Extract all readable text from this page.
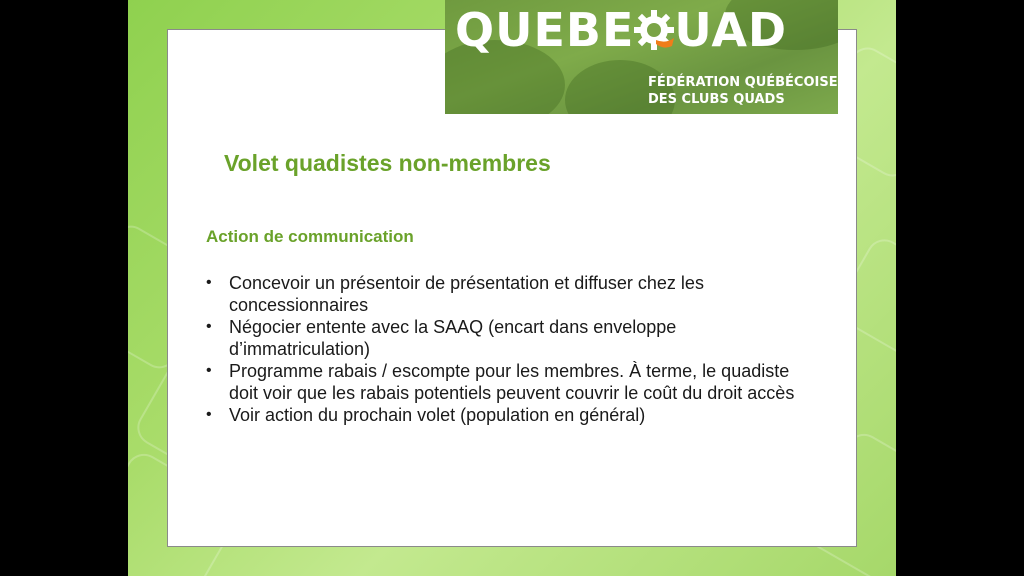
QUEBE UAD
FÉDÉRATION QUÉBÉCOISE
DES CLUBS QUADS
Volet quadistes non-membres
Action de communication
• Concevoir un présentoir de présentation et diffuser chez les concessionnaires
• Négocier entente avec la SAAQ (encart dans enveloppe d’immatriculation)
• Programme rabais / escompte pour les membres. À terme, le quadiste doit voir que les rabais potentiels peuvent couvrir le coût du droit accès
• Voir action du prochain volet (population en général)
